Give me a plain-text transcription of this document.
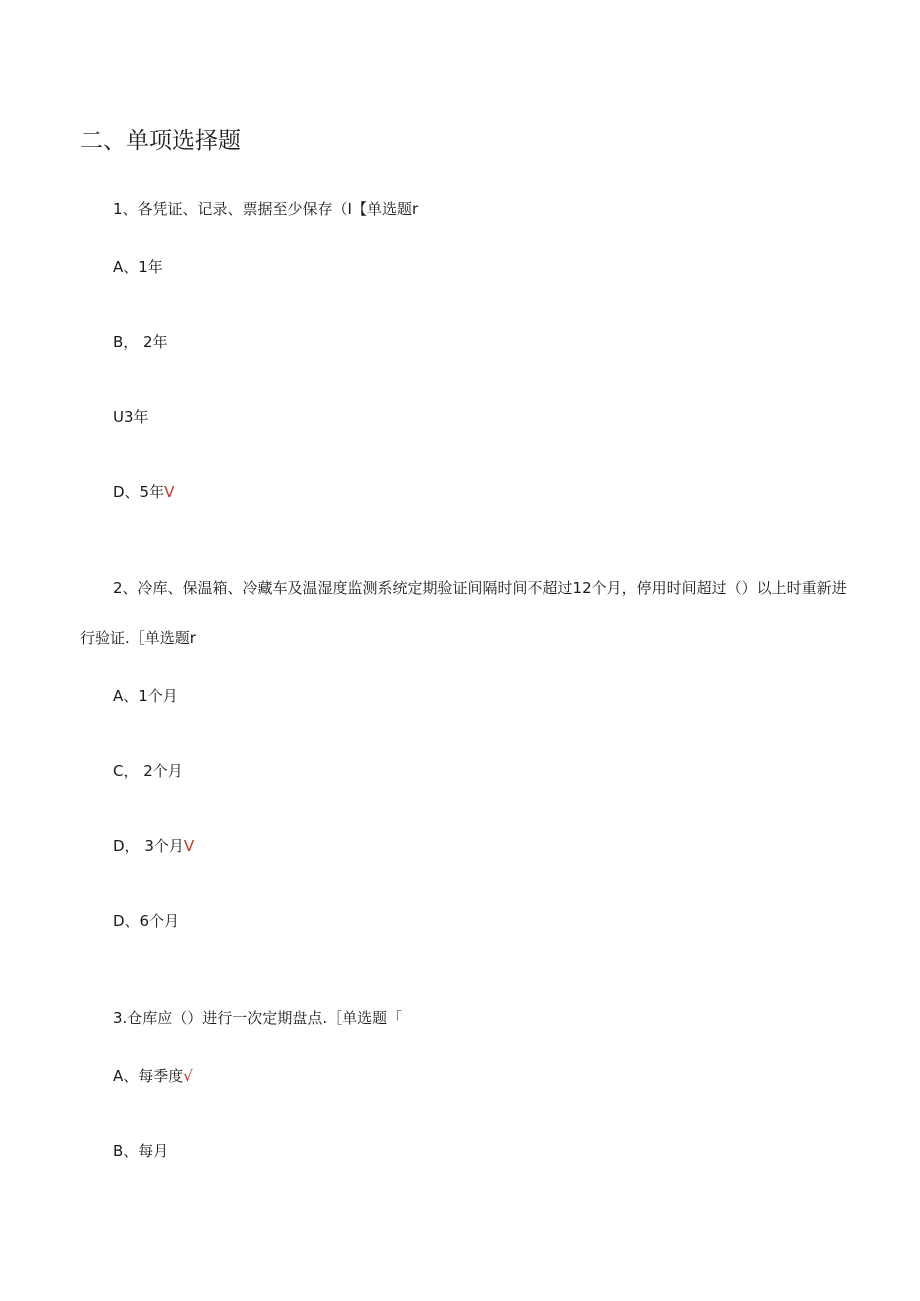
二、单项选择题
1、各凭证、记录、票据至少保存（I【单选题r
A、1年
B， 2年
U3年
D、5年V
2、冷库、保温箱、冷藏车及温湿度监测系统定期验证间隔时间不超过12个月，停用时间超过（）以上时重新进行验证.［单选题r
A、1个月
C， 2个月
D， 3个月V
D、6个月
3.仓库应（）进行一次定期盘点.［单选题「
A、每季度√
B、每月
